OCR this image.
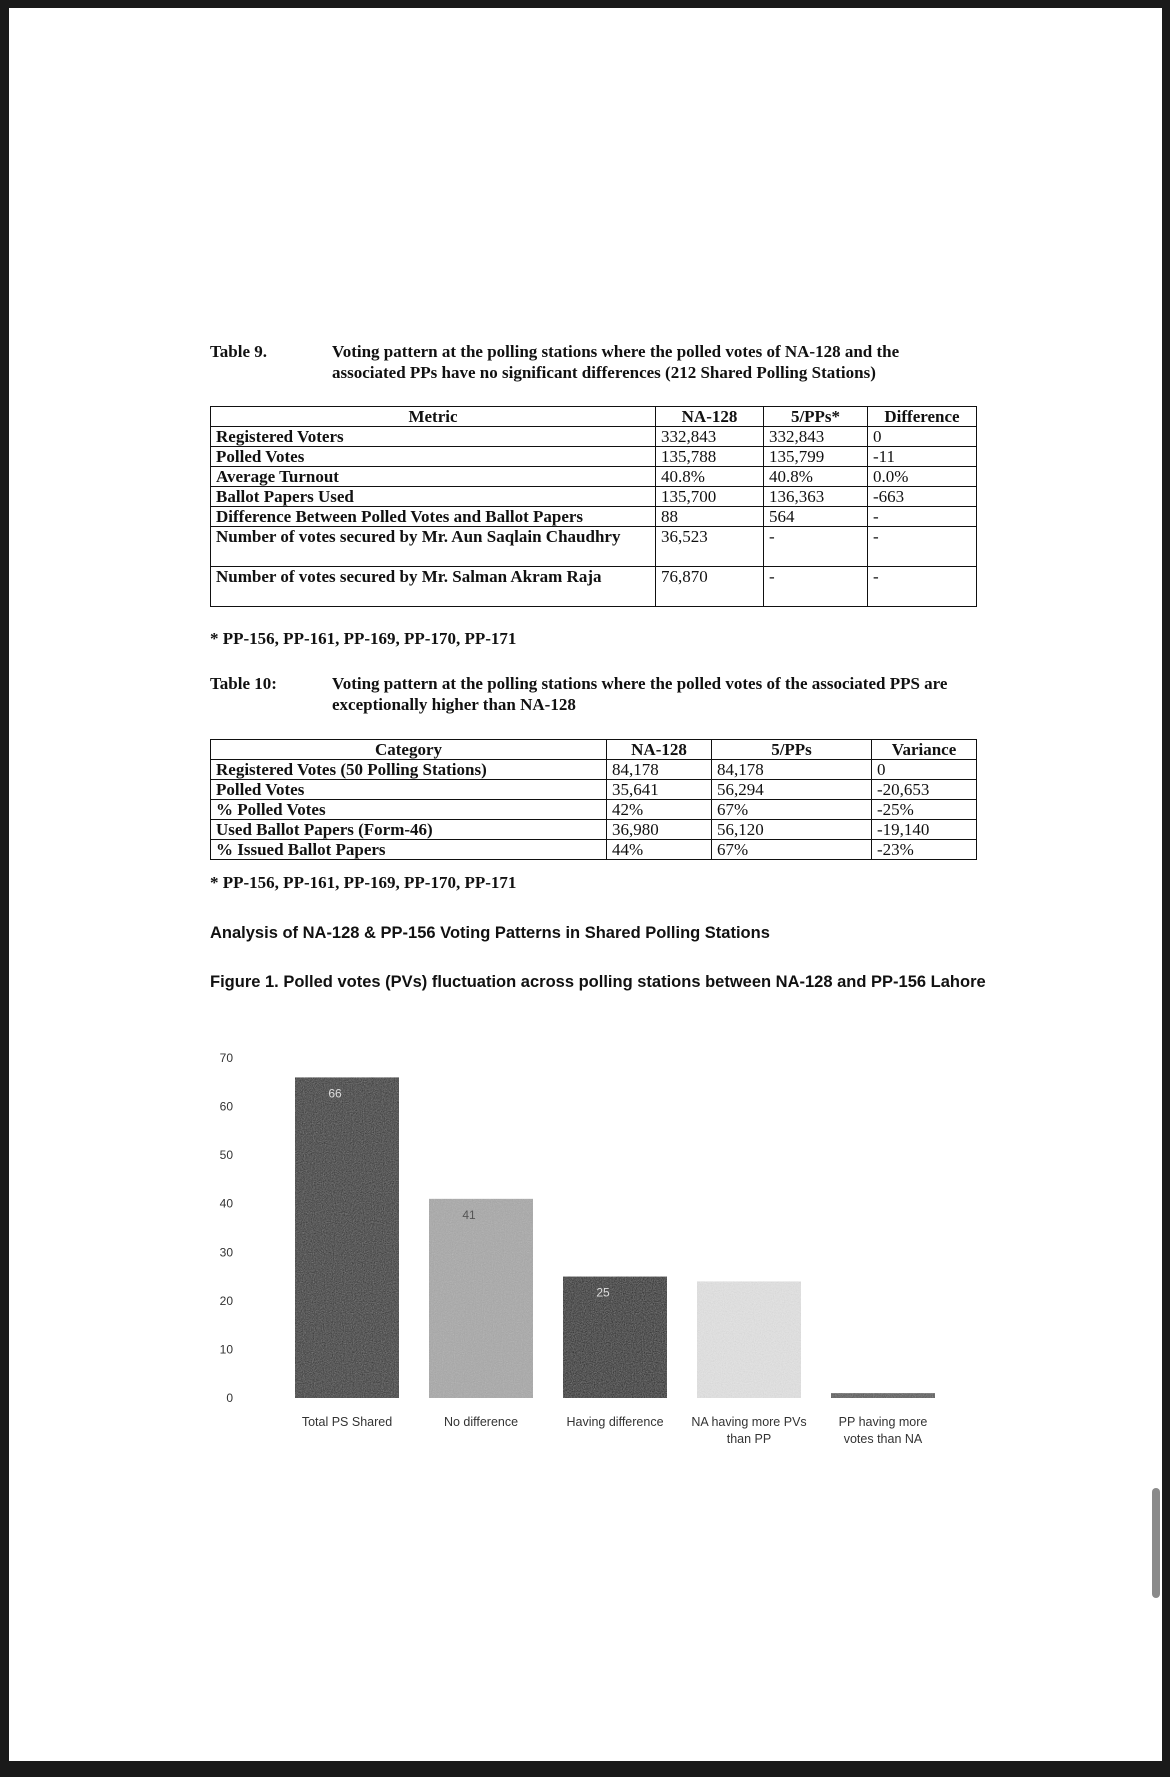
Table 9.	Voting pattern at the polling stations where the polled votes of NA-128 and the associated PPs have no significant differences (212 Shared Polling Stations)
Metric	NA-128	5/PPs*	Difference
Registered Voters	332,843	332,843	0
Polled Votes	135,788	135,799	-11
Average Turnout	40.8%	40.8%	0.0%
Ballot Papers Used	135,700	136,363	-663
Difference Between Polled Votes and Ballot Papers	88	564	-
Number of votes secured by Mr. Aun Saqlain Chaudhry	36,523	-	-
Number of votes secured by Mr. Salman Akram Raja	76,870	-	-
* PP-156, PP-161, PP-169, PP-170, PP-171
Table 10:	Voting pattern at the polling stations where the polled votes of the associated PPS are exceptionally higher than NA-128
Category	NA-128	5/PPs	Variance
Registered Votes (50 Polling Stations)	84,178	84,178	0
Polled Votes	35,641	56,294	-20,653
% Polled Votes	42%	67%	-25%
Used Ballot Papers (Form-46)	36,980	56,120	-19,140
% Issued Ballot Papers	44%	67%	-23%
* PP-156, PP-161, PP-169, PP-170, PP-171
Analysis of NA-128 & PP-156 Voting Patterns in Shared Polling Stations
Figure 1. Polled votes (PVs) fluctuation across polling stations between NA-128 and PP-156 Lahore
0
10
20
30
40
50
60
70
66
41
25
Total PS Shared	No difference	Having difference NA having more PVs
than PP
PP having more
votes than NA
